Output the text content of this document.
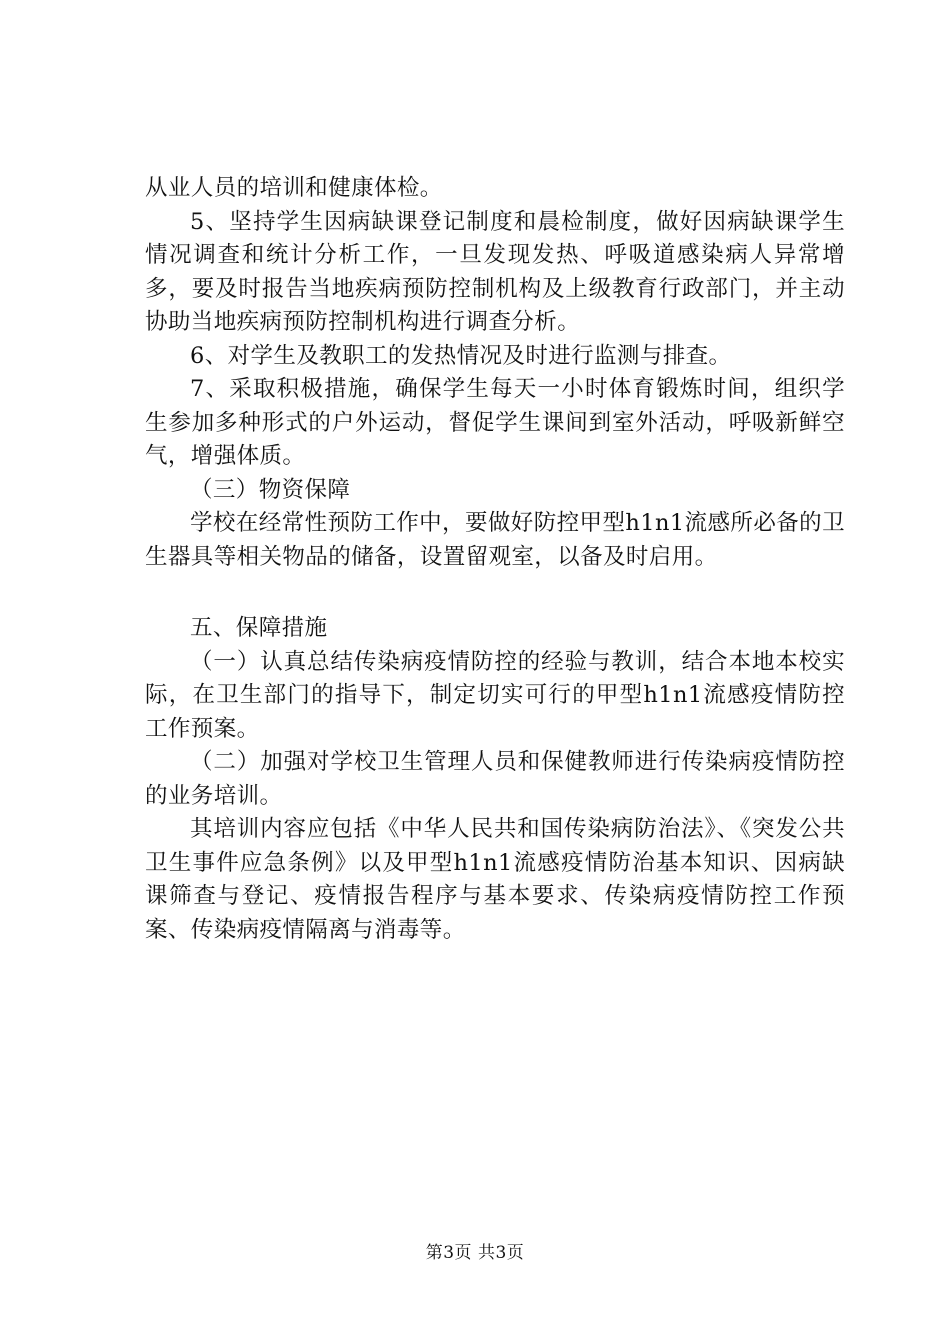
从业人员的培训和健康体检。

5、坚持学生因病缺课登记制度和晨检制度，做好因病缺课学生情况调查和统计分析工作，一旦发现发热、呼吸道感染病人异常增多，要及时报告当地疾病预防控制机构及上级教育行政部门，并主动协助当地疾病预防控制机构进行调查分析。

6、对学生及教职工的发热情况及时进行监测与排查。

7、采取积极措施，确保学生每天一小时体育锻炼时间，组织学生参加多种形式的户外运动，督促学生课间到室外活动，呼吸新鲜空气，增强体质。

（三）物资保障

学校在经常性预防工作中，要做好防控甲型h1n1流感所必备的卫生器具等相关物品的储备，设置留观室，以备及时启用。

五、保障措施

（一）认真总结传染病疫情防控的经验与教训，结合本地本校实际，在卫生部门的指导下，制定切实可行的甲型h1n1流感疫情防控工作预案。

（二）加强对学校卫生管理人员和保健教师进行传染病疫情防控的业务培训。

其培训内容应包括《中华人民共和国传染病防治法》、《突发公共卫生事件应急条例》以及甲型h1n1流感疫情防治基本知识、因病缺课筛查与登记、疫情报告程序与基本要求、传染病疫情防控工作预案、传染病疫情隔离与消毒等。

第3页 共3页
